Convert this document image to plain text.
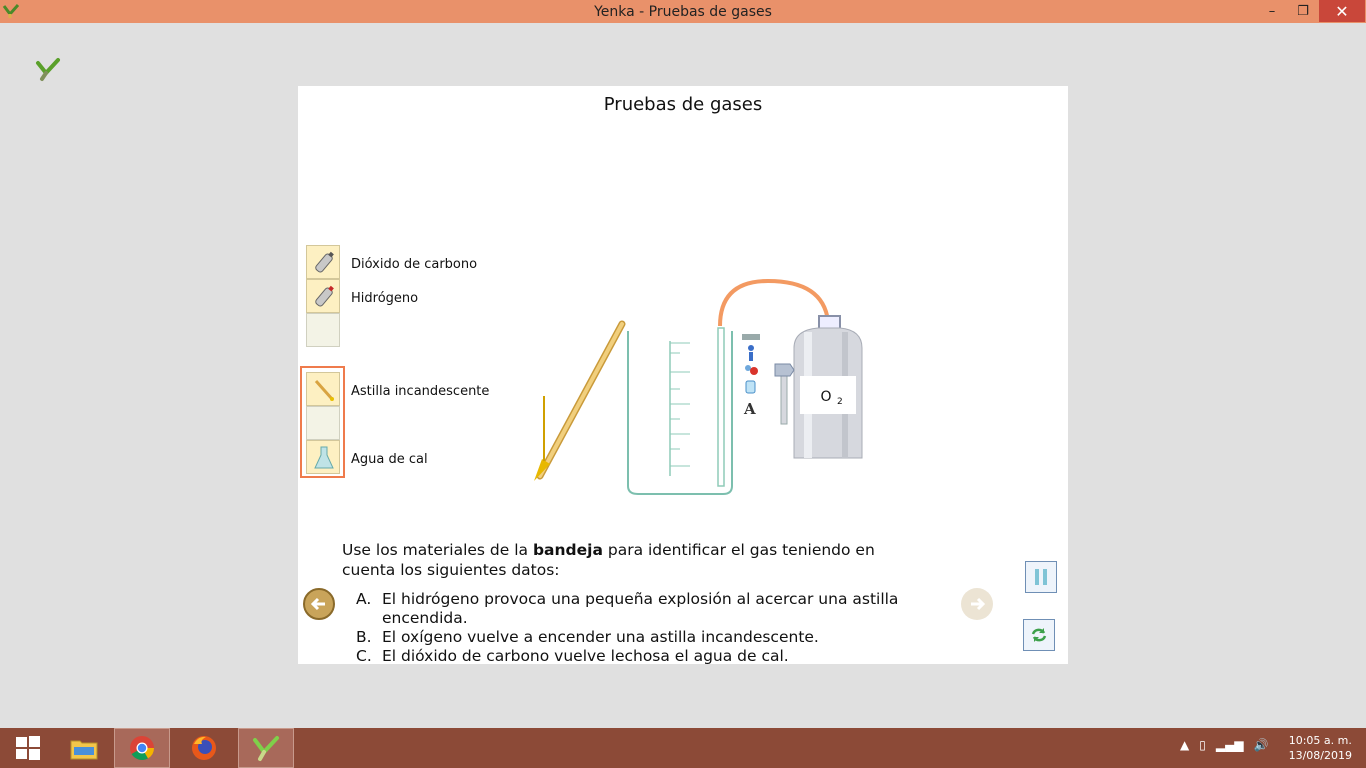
Yenka - Pruebas de gases	–	❐	✕
Pruebas de gases
Dióxido de carbono
Hidrógeno
Astilla incandescente
Agua de cal
A
O 2
Use los materiales de la bandeja para identificar el gas teniendo en cuenta los siguientes datos:
A. El hidrógeno provoca una pequeña explosión al acercar una astilla encendida.
B. El oxígeno vuelve a encender una astilla incandescente.
C. El dióxido de carbono vuelve lechosa el agua de cal.
▲ ▯ ▂▄▆ 🔊 10:05 a. m.
13/08/2019
